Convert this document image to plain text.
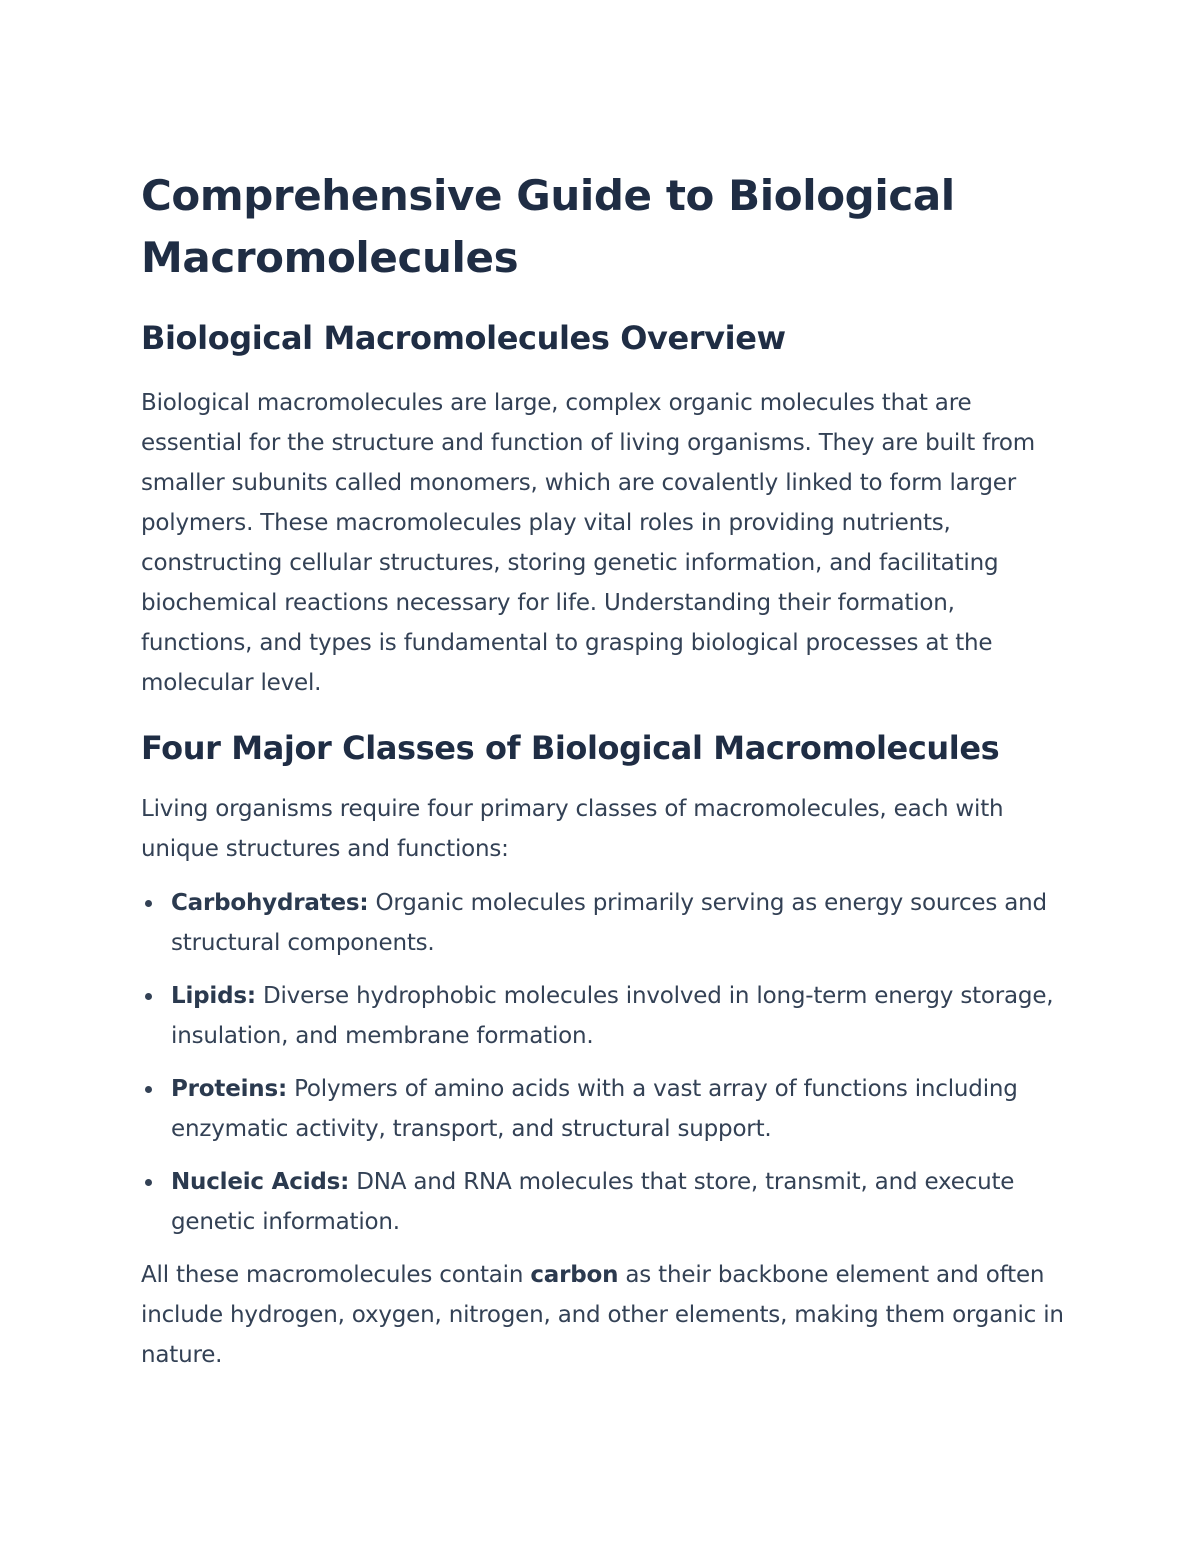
Comprehensive Guide to Biological Macromolecules
Biological Macromolecules Overview

Biological macromolecules are large, complex organic molecules that are essential for the structure and function of living organisms. They are built from smaller subunits called monomers, which are covalently linked to form larger polymers. These macromolecules play vital roles in providing nutrients, constructing cellular structures, storing genetic information, and facilitating biochemical reactions necessary for life. Understanding their formation, functions, and types is fundamental to grasping biological processes at the molecular level.

Four Major Classes of Biological Macromolecules

Living organisms require four primary classes of macromolecules, each with unique structures and functions:

Carbohydrates: Organic molecules primarily serving as energy sources and structural components.
Lipids: Diverse hydrophobic molecules involved in long-term energy storage, insulation, and membrane formation.
Proteins: Polymers of amino acids with a vast array of functions including enzymatic activity, transport, and structural support.
Nucleic Acids: DNA and RNA molecules that store, transmit, and execute genetic information.

All these macromolecules contain carbon as their backbone element and often include hydrogen, oxygen, nitrogen, and other elements, making them organic in nature.
